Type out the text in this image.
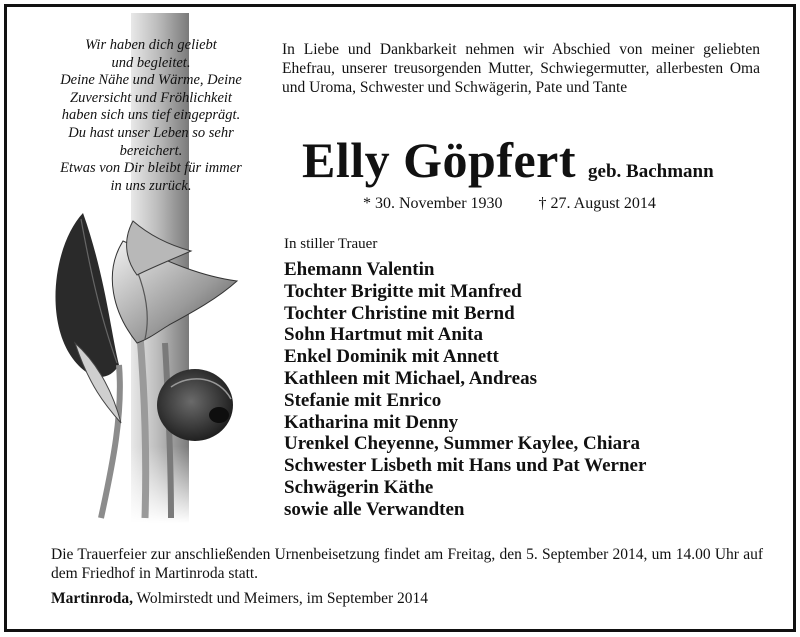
Wir haben dich geliebt
und begleitet.
Deine Nähe und Wärme, Deine
Zuversicht und Fröhlichkeit
haben sich uns tief eingeprägt.
Du hast unser Leben so sehr
bereichert.
Etwas von Dir bleibt für immer
in uns zurück.
In Liebe und Dankbarkeit nehmen wir Abschied von meiner geliebten Ehefrau, unserer treusorgenden Mutter, Schwiegermutter, allerbesten Oma und Uroma, Schwester und Schwägerin, Pate und Tante
Elly Göpfert geb. Bachmann
* 30. November 1930 † 27. August 2014
In stiller Trauer
Ehemann Valentin
Tochter Brigitte mit Manfred
Tochter Christine mit Bernd
Sohn Hartmut mit Anita
Enkel Dominik mit Annett
Kathleen mit Michael, Andreas
Stefanie mit Enrico
Katharina mit Denny
Urenkel Cheyenne, Summer Kaylee, Chiara
Schwester Lisbeth mit Hans und Pat Werner
Schwägerin Käthe
sowie alle Verwandten
Die Trauerfeier zur anschließenden Urnenbeisetzung findet am Freitag, den 5. September 2014, um 14.00 Uhr auf dem Friedhof in Martinroda statt.
Martinroda, Wolmirstedt und Meimers, im September 2014
